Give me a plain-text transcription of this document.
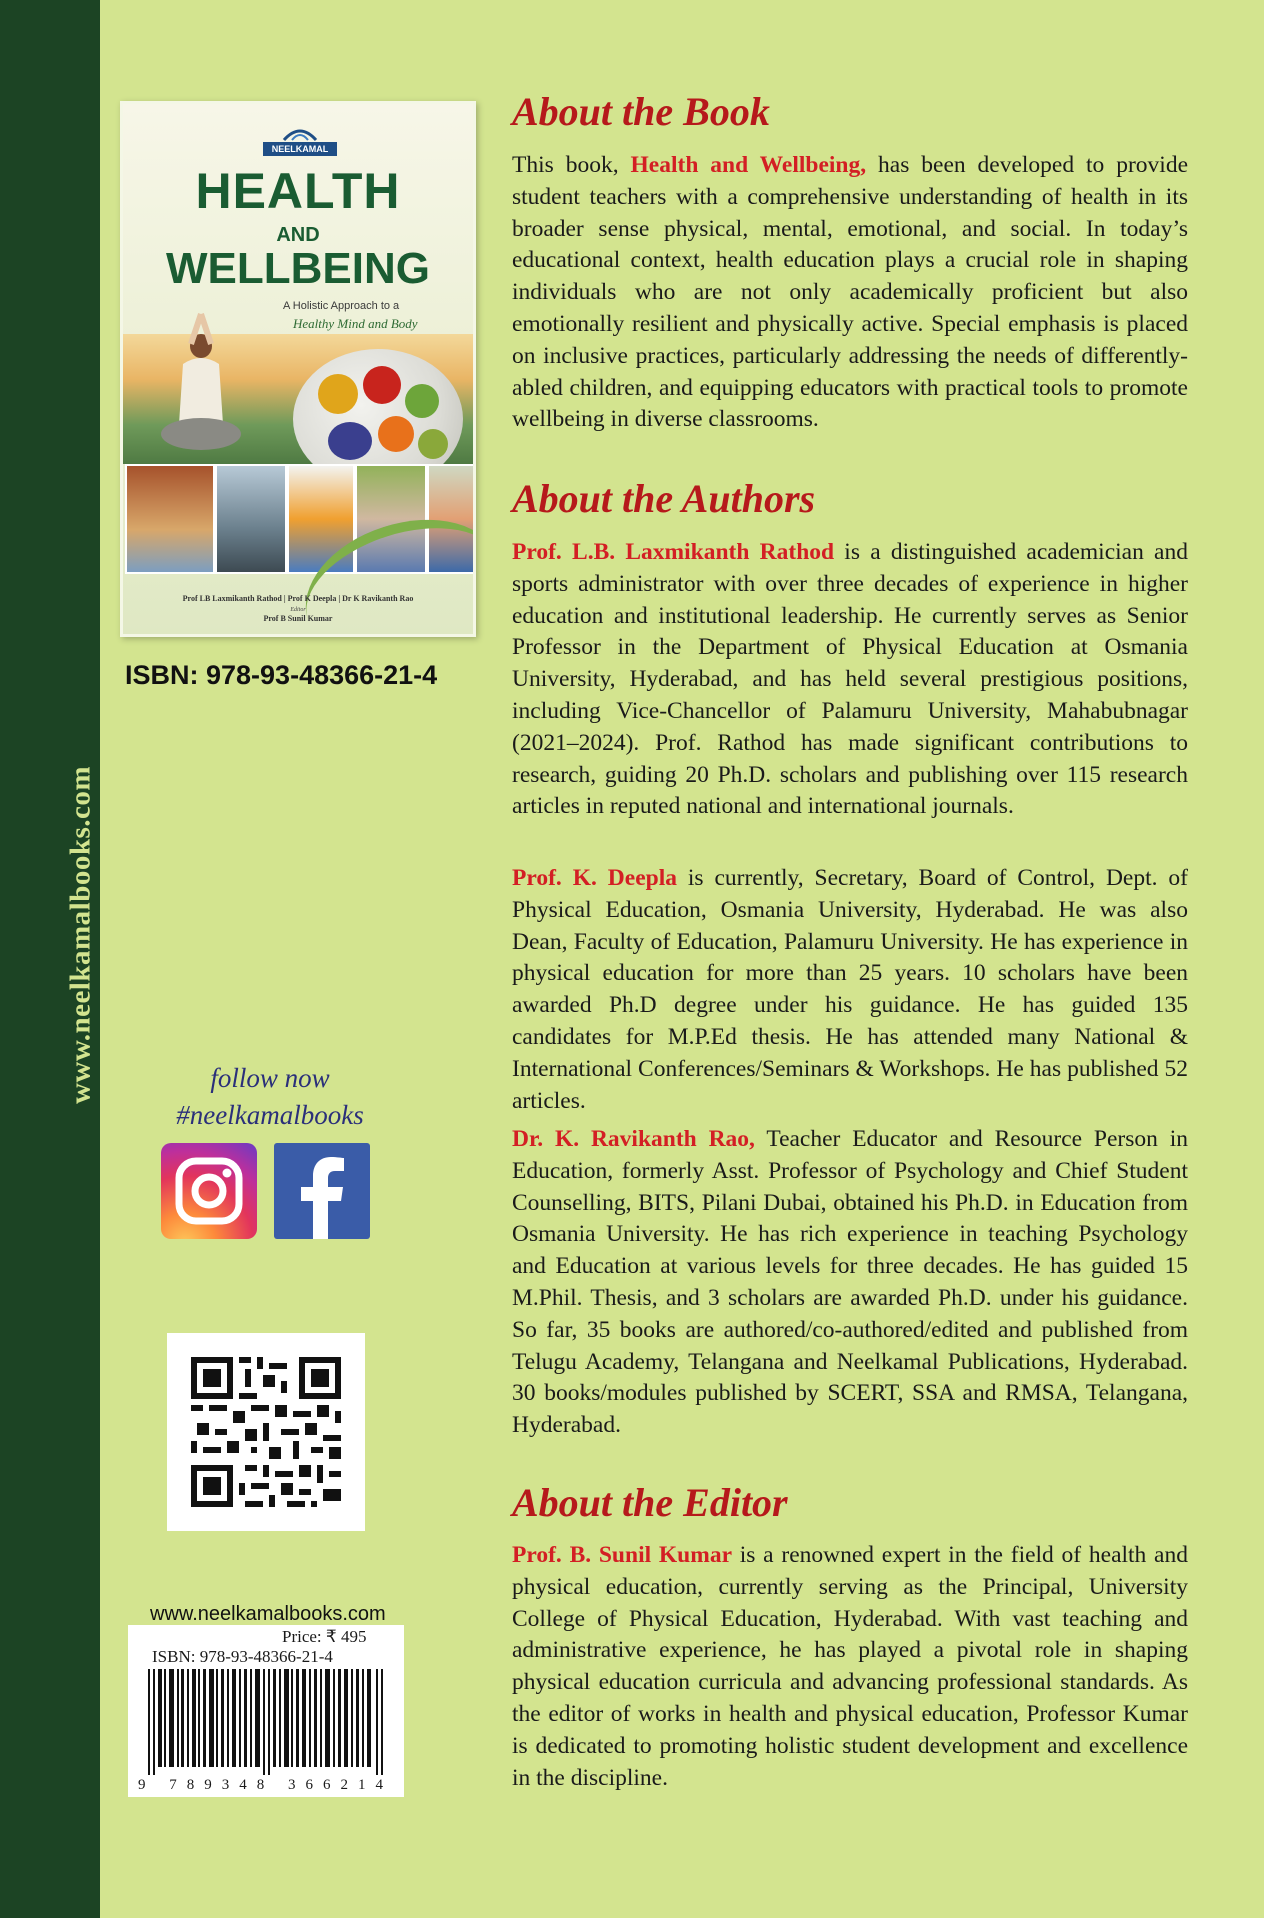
www.neelkamalbooks.com
NEELKAMAL
HEALTH
AND
WELLBEING
A Holistic Approach to a
Healthy Mind and Body
Prof LB Laxmikanth Rathod | Prof K Deepla | Dr K Ravikanth Rao
Editor
Prof B Sunil Kumar
ISBN: 978-93-48366-21-4
follow now
#neelkamalbooks
www.neelkamalbooks.com
Price: ₹ 495
ISBN: 978-93-48366-21-4
9 789348 366214
About the Book

This book, Health and Wellbeing, has been developed to provide student teachers with a comprehensive understanding of health in its broader sense physical, mental, emotional, and social. In today’s educational context, health education plays a crucial role in shaping individuals who are not only academically proficient but also emotionally resilient and physically active. Special emphasis is placed on inclusive practices, particularly addressing the needs of differently-abled children, and equipping educators with practical tools to promote wellbeing in diverse classrooms.

About the Authors

Prof. L.B. Laxmikanth Rathod is a distinguished academician and sports administrator with over three decades of experience in higher education and institutional leadership. He currently serves as Senior Professor in the Department of Physical Education at Osmania University, Hyderabad, and has held several prestigious positions, including Vice-Chancellor of Palamuru University, Mahabubnagar (2021–2024). Prof. Rathod has made significant contributions to research, guiding 20 Ph.D. scholars and publishing over 115 research articles in reputed national and international journals.

Prof. K. Deepla is currently, Secretary, Board of Control, Dept. of Physical Education, Osmania University, Hyderabad. He was also Dean, Faculty of Education, Palamuru University. He has experience in physical education for more than 25 years. 10 scholars have been awarded Ph.D degree under his guidance. He has guided 135 candidates for M.P.Ed thesis. He has attended many National & International Conferences/Seminars & Workshops. He has published 52 articles.

Dr. K. Ravikanth Rao, Teacher Educator and Resource Person in Education, formerly Asst. Professor of Psychology and Chief Student Counselling, BITS, Pilani Dubai, obtained his Ph.D. in Education from Osmania University. He has rich experience in teaching Psychology and Education at various levels for three decades. He has guided 15 M.Phil. Thesis, and 3 scholars are awarded Ph.D. under his guidance. So far, 35 books are authored/co-authored/edited and published from Telugu Academy, Telangana and Neelkamal Publications, Hyderabad. 30 books/modules published by SCERT, SSA and RMSA, Telangana, Hyderabad.

About the Editor

Prof. B. Sunil Kumar is a renowned expert in the field of health and physical education, currently serving as the Principal, University College of Physical Education, Hyderabad. With vast teaching and administrative experience, he has played a pivotal role in shaping physical education curricula and advancing professional standards. As the editor of works in health and physical education, Professor Kumar is dedicated to promoting holistic student development and excellence in the discipline.
